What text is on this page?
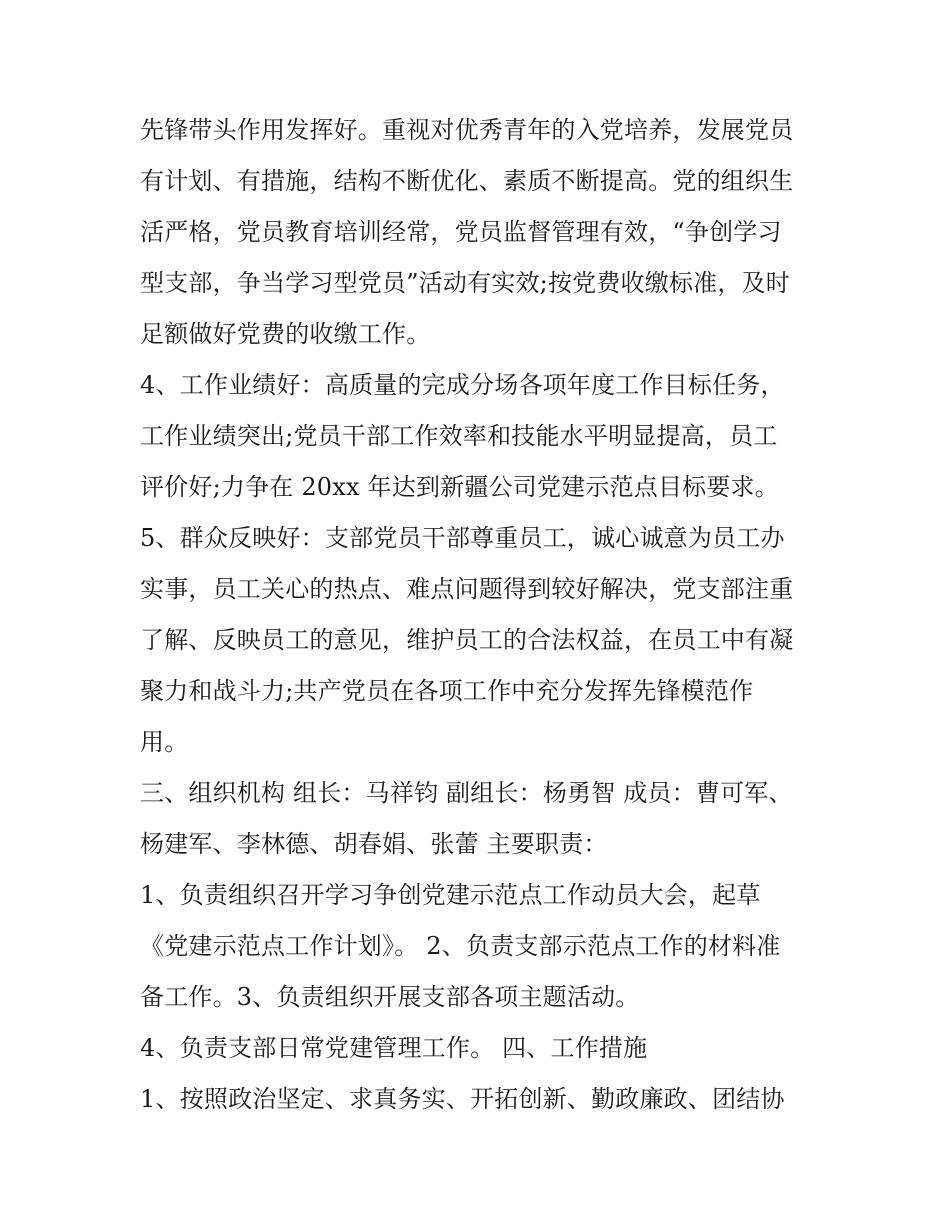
先锋带头作用发挥好。重视对优秀青年的入党培养，发展党员
有计划、有措施，结构不断优化、素质不断提高。党的组织生
活严格，党员教育培训经常，党员监督管理有效，“争创学习
型支部，争当学习型党员”活动有实效;按党费收缴标准，及时
足额做好党费的收缴工作。
4、工作业绩好：高质量的完成分场各项年度工作目标任务，
工作业绩突出;党员干部工作效率和技能水平明显提高，员工
评价好;力争在 20xx 年达到新疆公司党建示范点目标要求。
5、群众反映好：支部党员干部尊重员工，诚心诚意为员工办
实事，员工关心的热点、难点问题得到较好解决，党支部注重
了解、反映员工的意见，维护员工的合法权益，在员工中有凝
聚力和战斗力;共产党员在各项工作中充分发挥先锋模范作
用。
三、组织机构 组长：马祥钧 副组长：杨勇智 成员：曹可军、
杨建军、李林德、胡春娟、张蕾 主要职责：
1、负责组织召开学习争创党建示范点工作动员大会，起草
《党建示范点工作计划》。 2、负责支部示范点工作的材料准
备工作。3、负责组织开展支部各项主题活动。
4、负责支部日常党建管理工作。 四、工作措施
1、按照政治坚定、求真务实、开拓创新、勤政廉政、团结协
